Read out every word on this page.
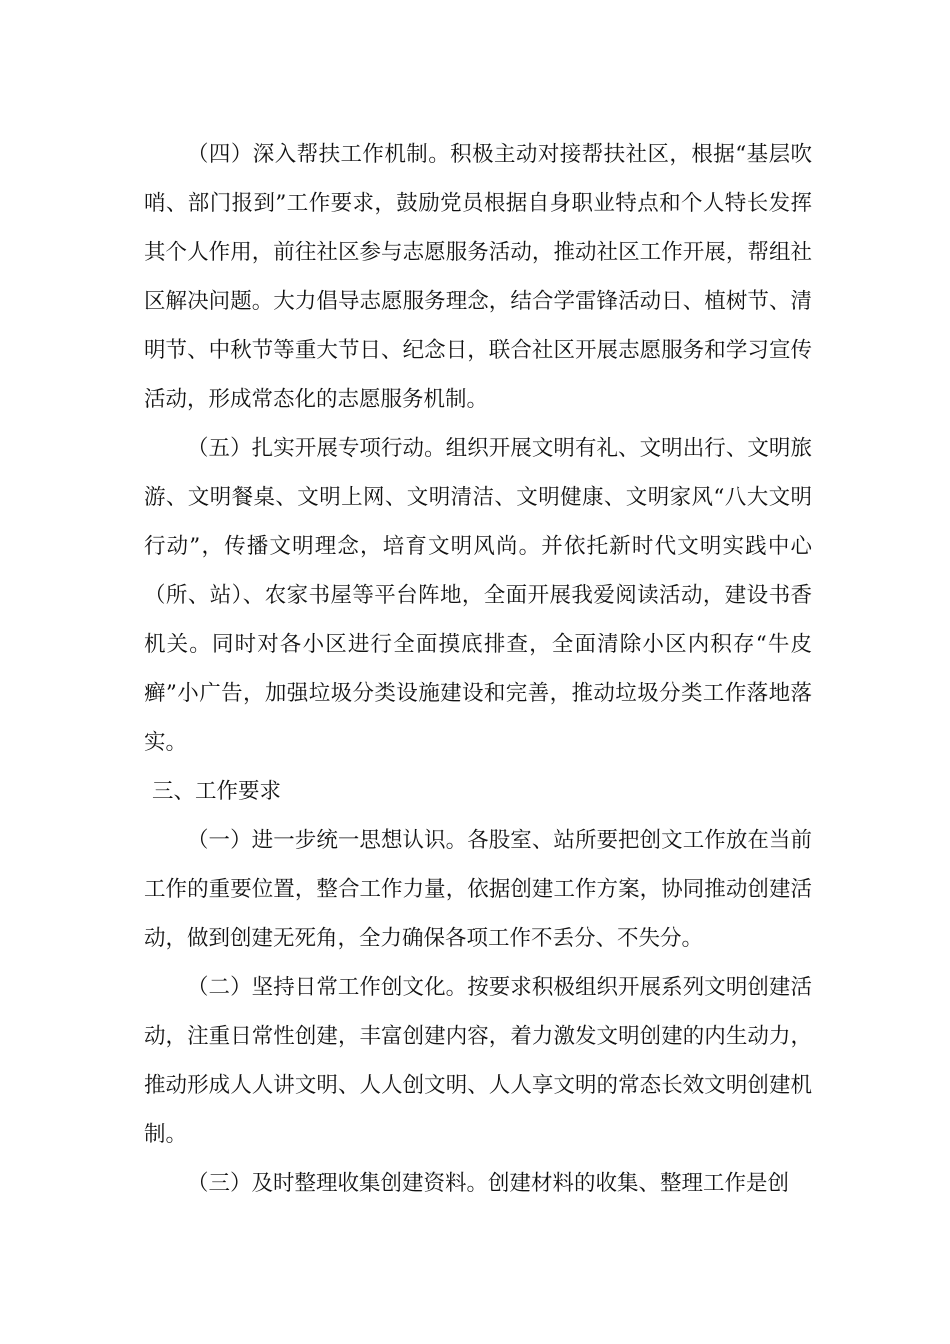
（四）深入帮扶工作机制。积极主动对接帮扶社区，根据“基层吹哨、部门报到”工作要求，鼓励党员根据自身职业特点和个人特长发挥其个人作用，前往社区参与志愿服务活动，推动社区工作开展，帮组社区解决问题。大力倡导志愿服务理念，结合学雷锋活动日、植树节、清明节、中秋节等重大节日、纪念日，联合社区开展志愿服务和学习宣传活动，形成常态化的志愿服务机制。

（五）扎实开展专项行动。组织开展文明有礼、文明出行、文明旅游、文明餐桌、文明上网、文明清洁、文明健康、文明家风“八大文明行动”，传播文明理念，培育文明风尚。并依托新时代文明实践中心（所、站）、农家书屋等平台阵地，全面开展我爱阅读活动，建设书香机关。同时对各小区进行全面摸底排查，全面清除小区内积存“牛皮癣”小广告，加强垃圾分类设施建设和完善，推动垃圾分类工作落地落实。

三、工作要求

（一）进一步统一思想认识。各股室、站所要把创文工作放在当前工作的重要位置，整合工作力量，依据创建工作方案，协同推动创建活动，做到创建无死角，全力确保各项工作不丢分、不失分。

（二）坚持日常工作创文化。按要求积极组织开展系列文明创建活动，注重日常性创建，丰富创建内容，着力激发文明创建的内生动力，推动形成人人讲文明、人人创文明、人人享文明的常态长效文明创建机制。

（三）及时整理收集创建资料。创建材料的收集、整理工作是创
